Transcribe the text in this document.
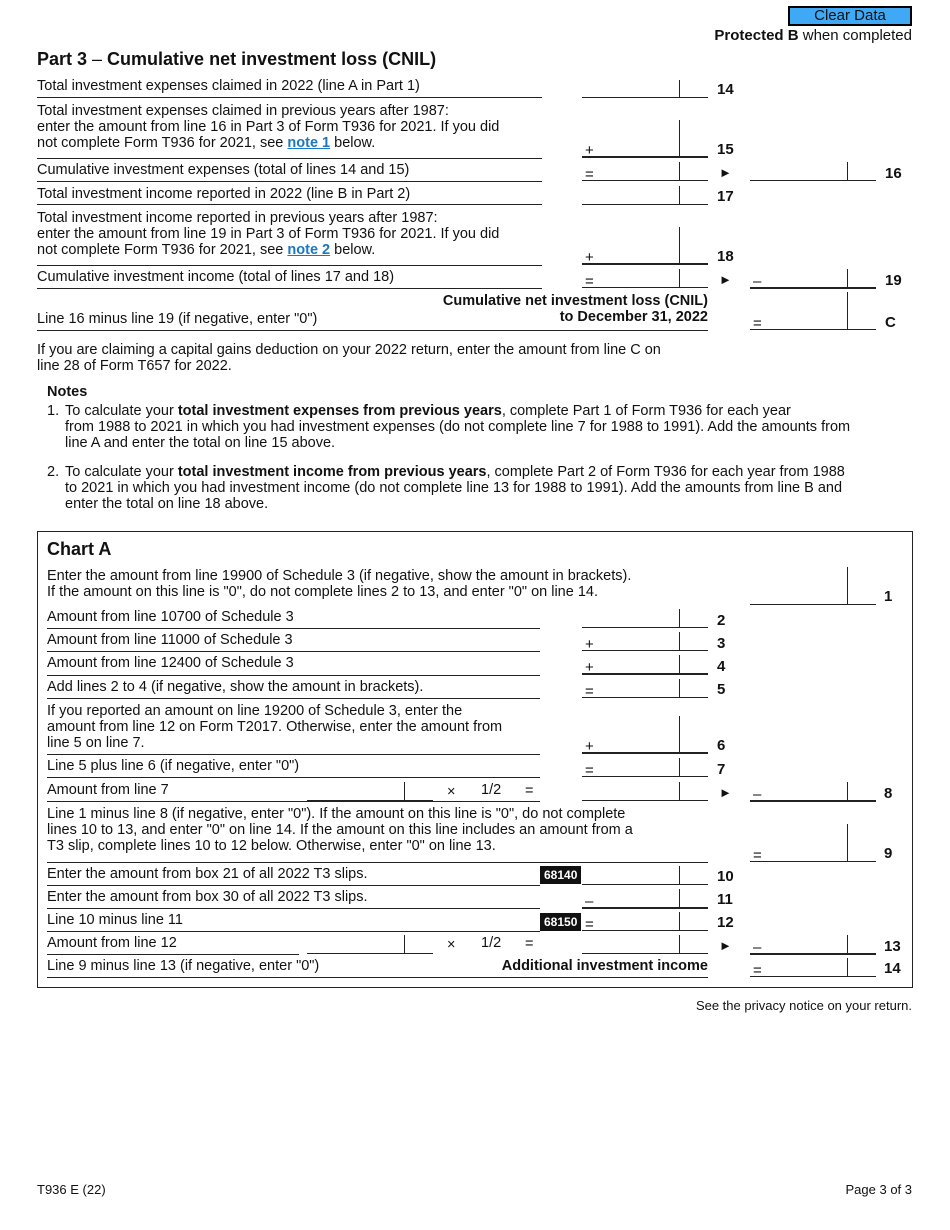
Clear Data
Protected B when completed
Part 3 – Cumulative net investment loss (CNIL)
Total investment expenses claimed in 2022 (line A in Part 1)	14
Total investment expenses claimed in previous years after 1987:
enter the amount from line 16 in Part 3 of Form T936 for 2021. If you did
not complete Form T936 for 2021, see note 1 below.	+	15
Cumulative investment expenses (total of lines 14 and 15)	=	►	16
Total investment income reported in 2022 (line B in Part 2)	17
Total investment income reported in previous years after 1987:
enter the amount from line 19 in Part 3 of Form T936 for 2021. If you did
not complete Form T936 for 2021, see note 2 below.	+	18
Cumulative investment income (total of lines 17 and 18)	=	► –	19
Cumulative net investment loss (CNIL)
to December 31, 2022
Line 16 minus line 19 (if negative, enter "0")	=	C
If you are claiming a capital gains deduction on your 2022 return, enter the amount from line C on
line 28 of Form T657 for 2022.
Notes
1. To calculate your total investment expenses from previous years, complete Part 1 of Form T936 for each year
from 1988 to 2021 in which you had investment expenses (do not complete line 7 for 1988 to 1991). Add the amounts from
line A and enter the total on line 15 above.
2. To calculate your total investment income from previous years, complete Part 2 of Form T936 for each year from 1988
to 2021 in which you had investment income (do not complete line 13 for 1988 to 1991). Add the amounts from line B and
enter the total on line 18 above.
Chart A
Enter the amount from line 19900 of Schedule 3 (if negative, show the amount in brackets).
If the amount on this line is "0", do not complete lines 2 to 13, and enter "0" on line 14.	1
Amount from line 10700 of Schedule 3	2
Amount from line 11000 of Schedule 3	+	3
Amount from line 12400 of Schedule 3	+	4
Add lines 2 to 4 (if negative, show the amount in brackets).	=	5
If you reported an amount on line 19200 of Schedule 3, enter the
amount from line 12 on Form T2017. Otherwise, enter the amount from
line 5 on line 7.	+	6
Line 5 plus line 6 (if negative, enter "0")	=	7
Amount from line 7	× 1/2 =	► –	8
Line 1 minus line 8 (if negative, enter "0"). If the amount on this line is "0", do not complete
lines 10 to 13, and enter "0" on line 14. If the amount on this line includes an amount from a
T3 slip, complete lines 10 to 12 below. Otherwise, enter "0" on line 13.
=	9
Enter the amount from box 21 of all 2022 T3 slips.	68140	10
Enter the amount from box 30 of all 2022 T3 slips.	–	11
Line 10 minus line 11	68150 =	12
Amount from line 12	× 1/2 =	► –	13
Line 9 minus line 13 (if negative, enter "0")	Additional investment income	=	14
See the privacy notice on your return.
T936 E (22)	Page 3 of 3
